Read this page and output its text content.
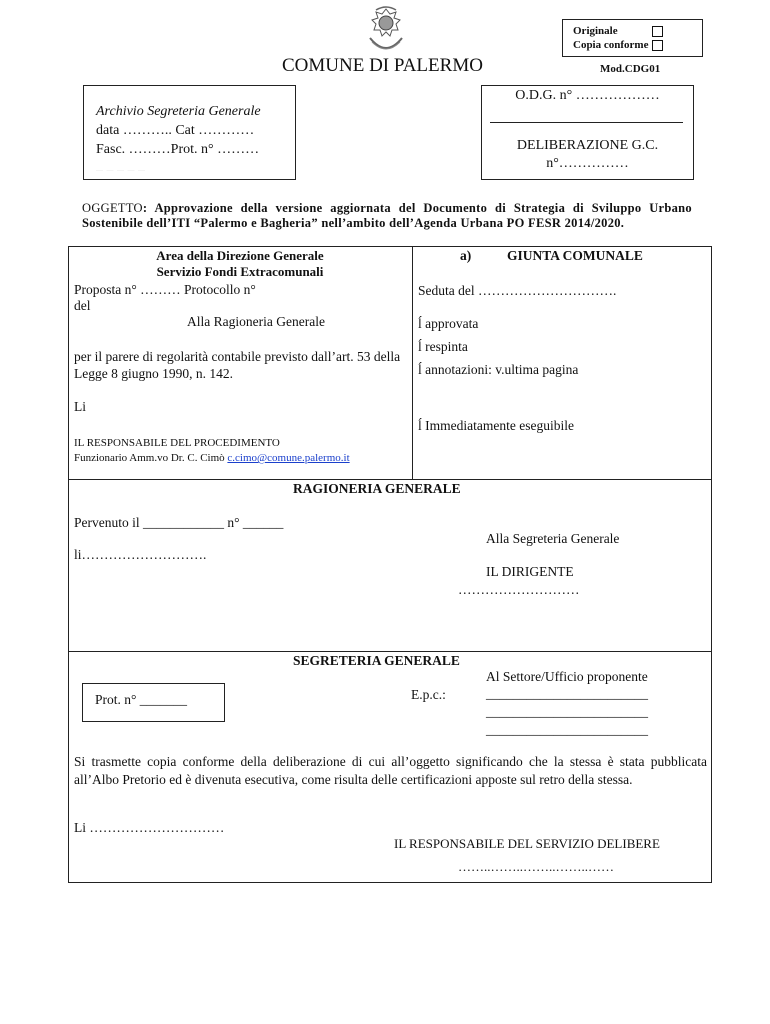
Originale
Copia conforme
COMUNE DI PALERMO	Mod.CDG01
Archivio Segreteria Generale
data ……….. Cat …………
Fasc. ………Prot. n° ………
_ _ _ _ _
O.D.G. n° ………………
DELIBERAZIONE G.C.
n°……………
OGGETTO: Approvazione della versione aggiornata del Documento di Strategia di Sviluppo Urbano Sostenibile dell’ITI “Palermo e Bagheria” nell’ambito dell’Agenda Urbana PO FESR 2014/2020.
Area della Direzione Generale
Servizio Fondi Extracomunali
Proposta n° ……… Protocollo n°
del
Alla Ragioneria Generale
per il parere di regolarità contabile previsto dall’art. 53 della Legge 8 giugno 1990, n. 142.
Li
IL RESPONSABILE DEL PROCEDIMENTO
Funzionario Amm.vo Dr. C. Cimò c.cimo@comune.palermo.it
a)	GIUNTA COMUNALE
Seduta del ………………………….
ĺ approvata
ĺ respinta
ĺ annotazioni: v.ultima pagina
ĺ Immediatamente eseguibile
RAGIONERIA GENERALE
Pervenuto il ____________ n° ______
Alla Segreteria Generale
li……………………….
IL DIRIGENTE
………………………
SEGRETERIA GENERALE
Al Settore/Ufficio proponente
Prot. n° _______	E.p.c.:	________________________
________________________
________________________
Si trasmette copia conforme della deliberazione di cui all’oggetto significando che la stessa è stata pubblicata all’Albo Pretorio ed è divenuta esecutiva, come risulta delle certificazioni apposte sul retro della stessa.
Li …………………………
IL RESPONSABILE DEL SERVIZIO DELIBERE
……..……..……..……..……
